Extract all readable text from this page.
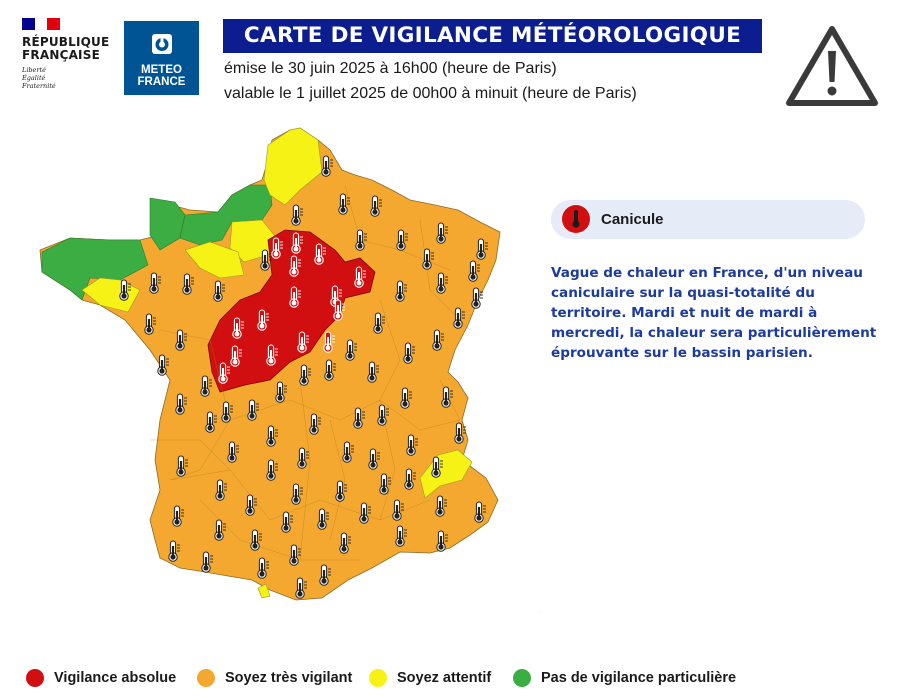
RÉPUBLIQUE
FRANÇAISE
Liberté
Égalité
Fraternité
METEO
FRANCE
CARTE DE VIGILANCE MÉTÉOROLOGIQUE
émise le 30 juin 2025 à 16h00 (heure de Paris)
valable le 1 juillet 2025 de 00h00 à minuit (heure de Paris)
Canicule
Vague de chaleur en France, d'un niveau caniculaire sur la quasi-totalité du territoire. Mardi et nuit de mardi à mercredi, la chaleur sera particulièrement éprouvante sur le bassin parisien.
Vigilance absolue	Soyez très vigilant	Soyez attentif	Pas de vigilance particulière
